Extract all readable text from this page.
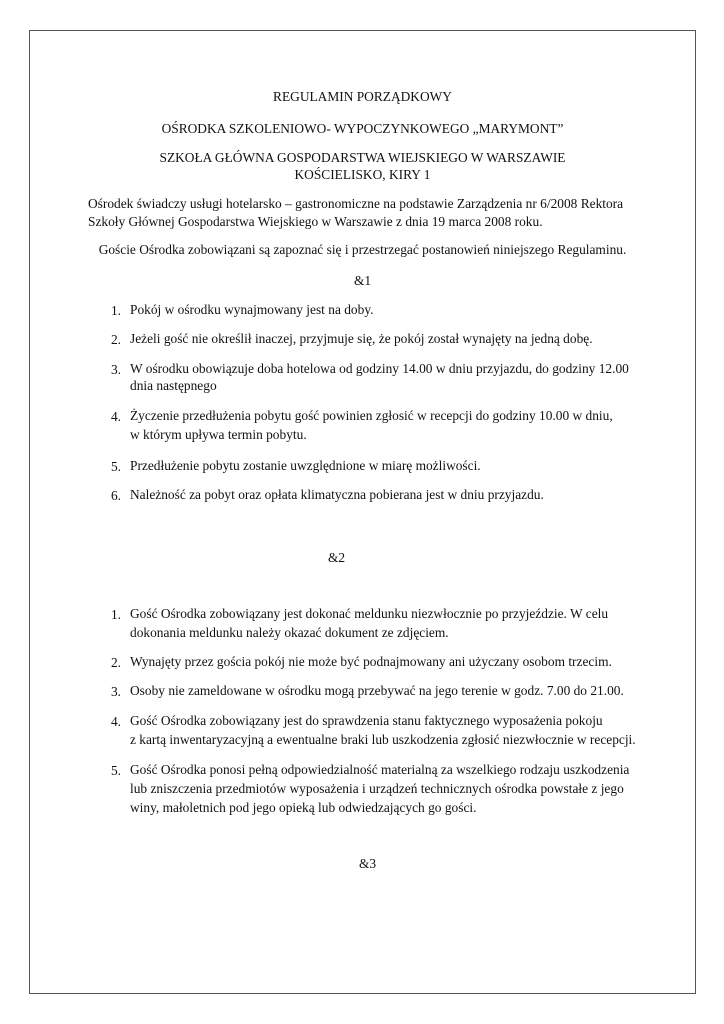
REGULAMIN PORZĄDKOWY
OŚRODKA SZKOLENIOWO- WYPOCZYNKOWEGO „MARYMONT”
SZKOŁA GŁÓWNA GOSPODARSTWA WIEJSKIEGO W WARSZAWIE
KOŚCIELISKO, KIRY 1
Ośrodek świadczy usługi hotelarsko – gastronomiczne na podstawie Zarządzenia nr 6/2008 Rektora
Szkoły Głównej Gospodarstwa Wiejskiego w Warszawie z dnia 19 marca 2008 roku.
Goście Ośrodka zobowiązani są zapoznać się i przestrzegać postanowień niniejszego Regulaminu.
&1
1. Pokój w ośrodku wynajmowany jest na doby.
2. Jeżeli gość nie określił inaczej, przyjmuje się, że pokój został wynajęty na jedną dobę.
3. W ośrodku obowiązuje doba hotelowa od godziny 14.00 w dniu przyjazdu, do godziny 12.00
dnia następnego
4. Życzenie przedłużenia pobytu gość powinien zgłosić w recepcji do godziny 10.00 w dniu,
w którym upływa termin pobytu.
5. Przedłużenie pobytu zostanie uwzględnione w miarę możliwości.
6. Należność za pobyt oraz opłata klimatyczna pobierana jest w dniu przyjazdu.
&2
1. Gość Ośrodka zobowiązany jest dokonać meldunku niezwłocznie po przyjeździe. W celu
dokonania meldunku należy okazać dokument ze zdjęciem.
2. Wynajęty przez gościa pokój nie może być podnajmowany ani użyczany osobom trzecim.
3. Osoby nie zameldowane w ośrodku mogą przebywać na jego terenie w godz. 7.00 do 21.00.
4. Gość Ośrodka zobowiązany jest do sprawdzenia stanu faktycznego wyposażenia pokoju
z kartą inwentaryzacyjną a ewentualne braki lub uszkodzenia zgłosić niezwłocznie w recepcji.
5. Gość Ośrodka ponosi pełną odpowiedzialność materialną za wszelkiego rodzaju uszkodzenia
lub zniszczenia przedmiotów wyposażenia i urządzeń technicznych ośrodka powstałe z jego
winy, małoletnich pod jego opieką lub odwiedzających go gości.
&3
